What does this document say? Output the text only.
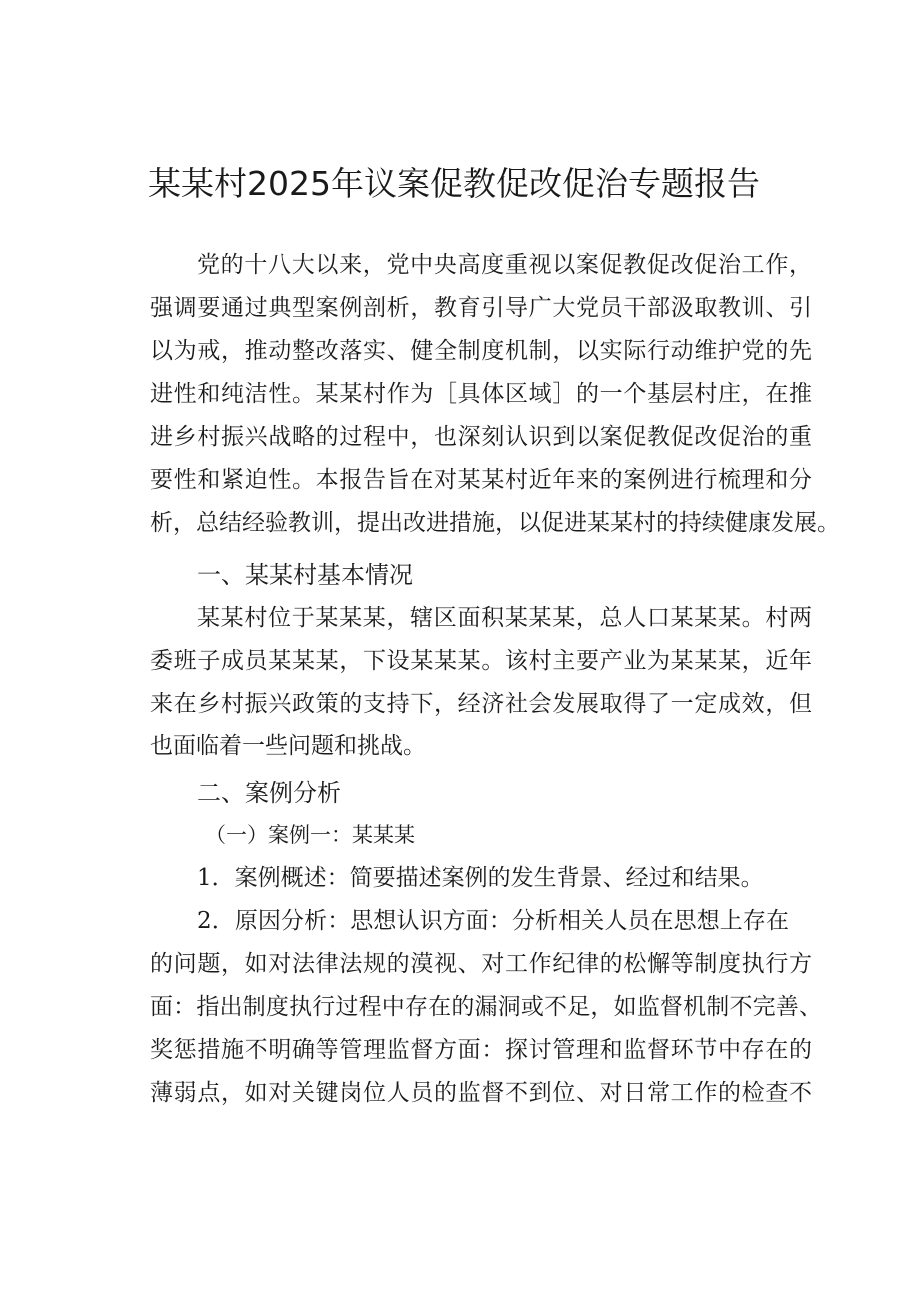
某某村2025年议案促教促改促治专题报告
党的十八大以来，党中央高度重视以案促教促改促治工作，
强调要通过典型案例剖析，教育引导广大党员干部汲取教训、引
以为戒，推动整改落实、健全制度机制，以实际行动维护党的先
进性和纯洁性。某某村作为［具体区域］的一个基层村庄，在推
进乡村振兴战略的过程中，也深刻认识到以案促教促改促治的重
要性和紧迫性。本报告旨在对某某村近年来的案例进行梳理和分
析，总结经验教训，提出改进措施，以促进某某村的持续健康发展。
一、某某村基本情况
某某村位于某某某，辖区面积某某某，总人口某某某。村两
委班子成员某某某，下设某某某。该村主要产业为某某某，近年
来在乡村振兴政策的支持下，经济社会发展取得了一定成效，但
也面临着一些问题和挑战。
二、案例分析
（一）案例一：某某某
1．案例概述：简要描述案例的发生背景、经过和结果。
2．原因分析：思想认识方面：分析相关人员在思想上存在
的问题，如对法律法规的漠视、对工作纪律的松懈等制度执行方
面：指出制度执行过程中存在的漏洞或不足，如监督机制不完善、
奖惩措施不明确等管理监督方面：探讨管理和监督环节中存在的
薄弱点，如对关键岗位人员的监督不到位、对日常工作的检查不
